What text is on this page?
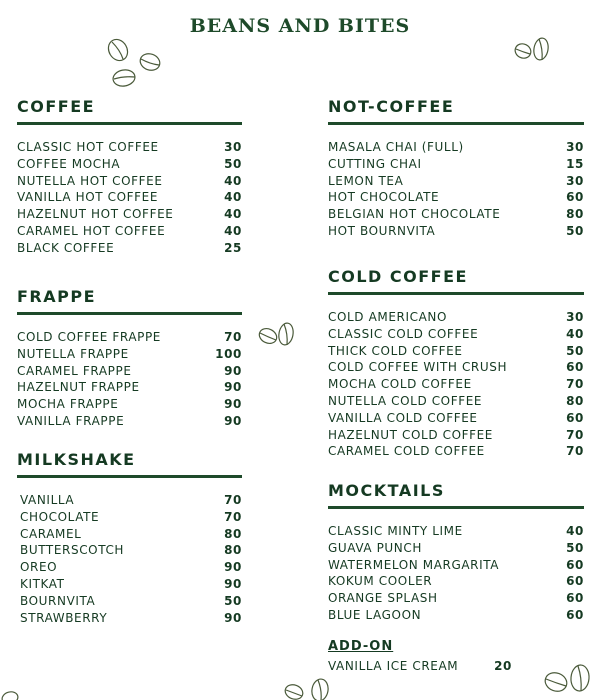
BEANS AND BITES
COFFEE
CLASSIC HOT COFFEE	30
COFFEE MOCHA	50
NUTELLA HOT COFFEE	40
VANILLA HOT COFFEE	40
HAZELNUT HOT COFFEE	40
CARAMEL HOT COFFEE	40
BLACK COFFEE	25
FRAPPE
COLD COFFEE FRAPPE	70
NUTELLA FRAPPE	100
CARAMEL FRAPPE	90
HAZELNUT FRAPPE	90
MOCHA FRAPPE	90
VANILLA FRAPPE	90
MILKSHAKE
VANILLA	70
CHOCOLATE	70
CARAMEL	80
BUTTERSCOTCH	80
OREO	90
KITKAT	90
BOURNVITA	50
STRAWBERRY	90
NOT-COFFEE
MASALA CHAI (FULL)	30
CUTTING CHAI	15
LEMON TEA	30
HOT CHOCOLATE	60
BELGIAN HOT CHOCOLATE	80
HOT BOURNVITA	50
COLD COFFEE
COLD AMERICANO	30
CLASSIC COLD COFFEE	40
THICK COLD COFFEE	50
COLD COFFEE WITH CRUSH	60
MOCHA COLD COFFEE	70
NUTELLA COLD COFFEE	80
VANILLA COLD COFFEE	60
HAZELNUT COLD COFFEE	70
CARAMEL COLD COFFEE	70
MOCKTAILS
CLASSIC MINTY LIME	40
GUAVA PUNCH	50
WATERMELON MARGARITA	60
KOKUM COOLER	60
ORANGE SPLASH	60
BLUE LAGOON	60
ADD-ON
VANILLA ICE CREAM	20
